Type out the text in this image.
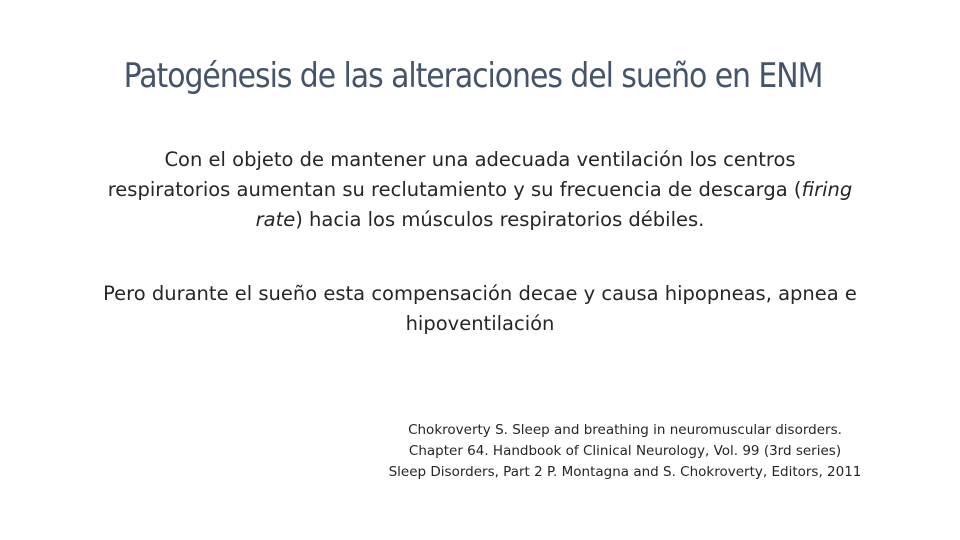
Patogénesis de las alteraciones del sueño en ENM

Con el objeto de mantener una adecuada ventilación los centros
respiratorios aumentan su reclutamiento y su frecuencia de descarga (firing
rate) hacia los músculos respiratorios débiles.

Pero durante el sueño esta compensación decae y causa hipopneas, apnea e
hipoventilación

Chokroverty S. Sleep and breathing in neuromuscular disorders.
Chapter 64. Handbook of Clinical Neurology, Vol. 99 (3rd series)
Sleep Disorders, Part 2 P. Montagna and S. Chokroverty, Editors, 2011
